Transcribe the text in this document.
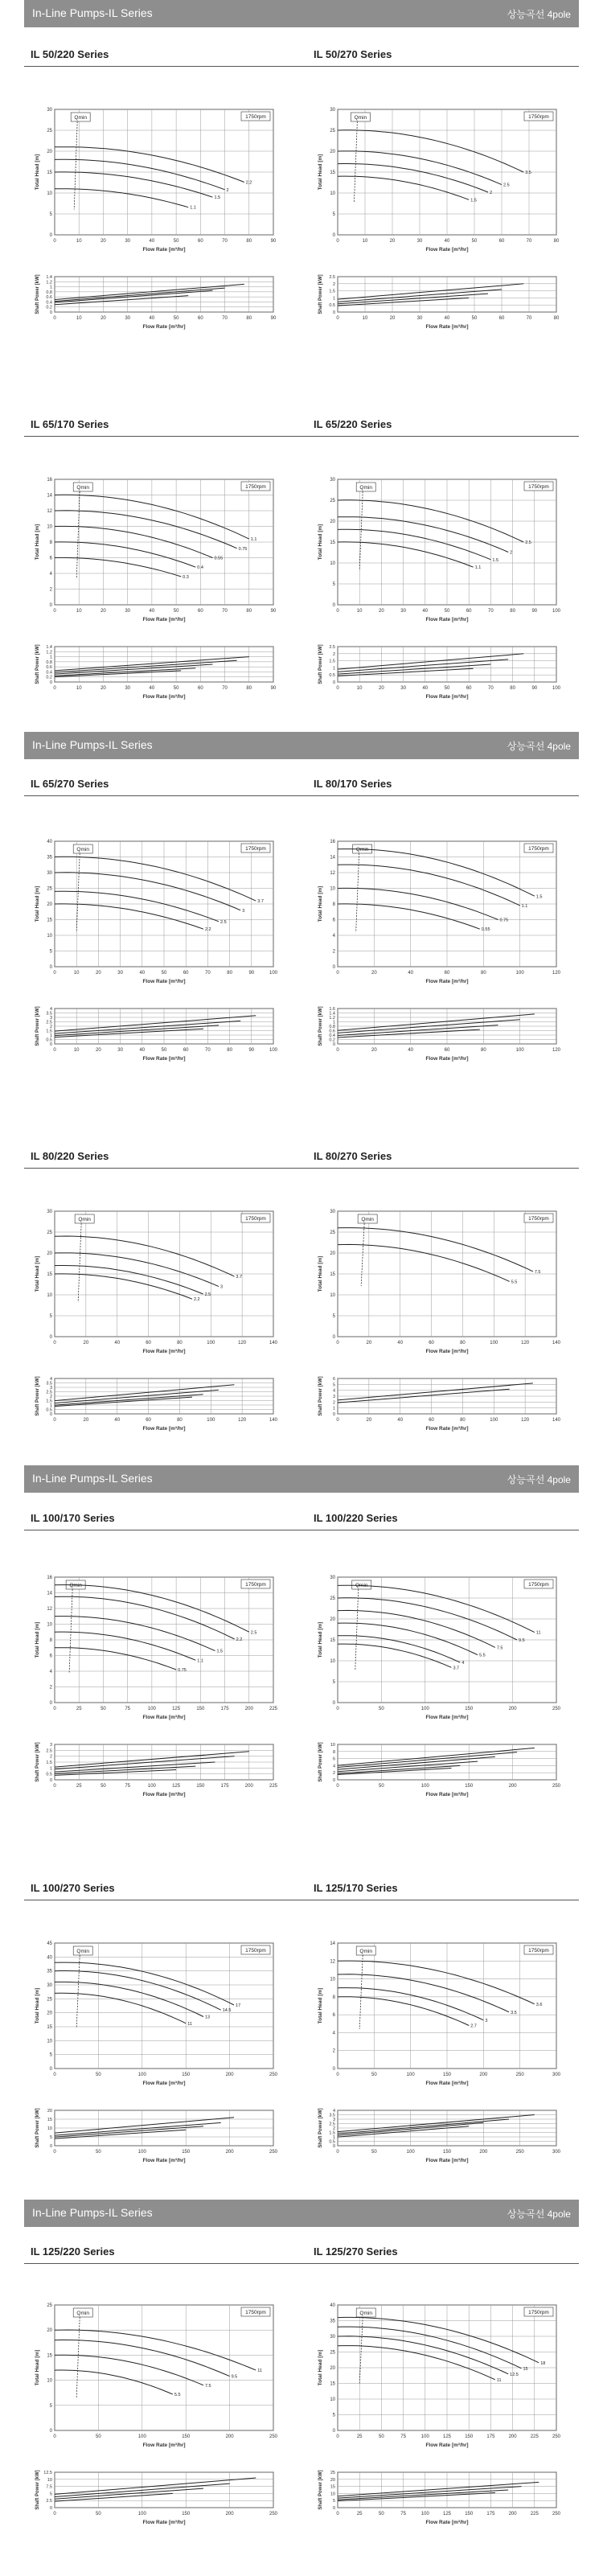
In-Line Pumps-IL Series	상능곡선 4pole
IL 50/220 Series	IL 50/270 Series
IL 65/170 Series	IL 65/220 Series
In-Line Pumps-IL Series	상능곡선 4pole
IL 65/270 Series	IL 80/170 Series
IL 80/220 Series	IL 80/270 Series
In-Line Pumps-IL Series	상능곡선 4pole
IL 100/170 Series	IL 100/220 Series
IL 100/270 Series	IL 125/170 Series
In-Line Pumps-IL Series	상능곡선 4pole
IL 125/220 Series	IL 125/270 Series
0	10	20	30	40	50	60	70	80	90
0
5
10
15
20
25
30
Flow Rate [m³/hr]
Total Head [m]
1750rpm
Qmin
2.2
2
1.5
1.1
0	10	20	30	40	50	60	70	80	90
0
0.2
0.4
0.6
0.8
1
1.2
1.4
Flow Rate [m³/hr]
Shaft Power [kW]
0	10	20	30	40	50	60	70	80
0
5
10
15
20
25
30
Flow Rate [m³/hr]
Total Head [m]
1750rpm
Qmin
3.5
2.5
2
1.5
0	10	20	30	40	50	60	70	80
0
0.5
1
1.5
2
2.5
Flow Rate [m³/hr]
Shaft Power [kW]
0	10	20	30	40	50	60	70	80	90
0
2
4
6
8
10
12
14
16
Flow Rate [m³/hr]
Total Head [m]
1750rpm
Qmin
1.1
0.75
0.55
0.4
0.3
0	10	20	30	40	50	60	70	80	90
0
0.2
0.4
0.6
0.8
1
1.2
1.4
Flow Rate [m³/hr]
Shaft Power [kW]
0	10	20	30	40	50	60	70	80	90	100
0
5
10
15
20
25
30
Flow Rate [m³/hr]
Total Head [m]
1750rpm
Qmin
2.5
2
1.5
1.1
0	10	20	30	40	50	60	70	80	90	100
0
0.5
1
1.5
2
2.5
Flow Rate [m³/hr]
Shaft Power [kW]
0	10	20	30	40	50	60	70	80	90	100
0
5
10
15
20
25
30
35
40
Flow Rate [m³/hr]
Total Head [m]
1750rpm
Qmin
3.7
3
2.5
2.2
0	10	20	30	40	50	60	70	80	90	100
0
0.5
1
1.5
2
2.5
3
3.5
4
Flow Rate [m³/hr]
Shaft Power [kW]
0	20	40	60	80	100	120
0
2
4
6
8
10
12
14
16
Flow Rate [m³/hr]
Total Head [m]
1750rpm
Qmin
1.5
1.1
0.75
0.55
0	20	40	60	80	100	120
0
0.2
0.4
0.6
0.8
1
1.2
1.4
1.6
Flow Rate [m³/hr]
Shaft Power [kW]
0	20	40	60	80	100	120	140
0
5
10
15
20
25
30
Flow Rate [m³/hr]
Total Head [m]
1750rpm
Qmin
3.7
3
2.5
2.2
0	20	40	60	80	100	120	140
0
0.5
1
1.5
2
2.5
3
3.5
4
Flow Rate [m³/hr]
Shaft Power [kW]
0	20	40	60	80	100	120	140
0
5
10
15
20
25
30
Flow Rate [m³/hr]
Total Head [m]
1750rpm
Qmin
7.5
5.5
0	20	40	60	80	100	120	140
0
1
2
3
4
5
6
Flow Rate [m³/hr]
Shaft Power [kW]
0	25	50	75	100	125	150	175	200	225
0
2
4
6
8
10
12
14
16
Flow Rate [m³/hr]
Total Head [m]
1750rpm
Qmin
2.5
2.2
1.5
1.1
0.75
0	25	50	75	100	125	150	175	200	225
0
0.5
1
1.5
2
2.5
3
Flow Rate [m³/hr]
Shaft Power [kW]
0	50	100	150	200	250
0
5
10
15
20
25
30
Flow Rate [m³/hr]
Total Head [m]
1750rpm
Qmin
11
9.5
7.5
5.5
4
3.7
0	50	100	150	200	250
0
2
4
6
8
10
Flow Rate [m³/hr]
Shaft Power [kW]
0	50	100	150	200	250
0
5
10
15
20
25
30
35
40
45
Flow Rate [m³/hr]
Total Head [m]
1750rpm
Qmin
17
14.5
13
11
0	50	100	150	200	250
0
5
10
15
20
Flow Rate [m³/hr]
Shaft Power [kW]
0	50	100	150	200	250	300
0
2
4
6
8
10
12
14
Flow Rate [m³/hr]
Total Head [m]
1750rpm
Qmin
3.6
3.5
3
2.7
0	50	100	150	200	250	300
0
0.5
1
1.5
2
2.5
3
3.5
4
Flow Rate [m³/hr]
Shaft Power [kW]
0	50	100	150	200	250
0
5
10
15
20
25
Flow Rate [m³/hr]
Total Head [m]
1750rpm
Qmin
11
9.5
7.5
5.5
0	50	100	150	200	250
0
2.5
5
7.5
10
12.5
Flow Rate [m³/hr]
Shaft Power [kW]
0	25	50	75	100	125	150	175	200	225	250
0
5
10
15
20
25
30
35
40
Flow Rate [m³/hr]
Total Head [m]
1750rpm
Qmin
18
15
12.5
11
0	25	50	75	100	125	150	175	200	225	250
0
5
10
15
20
25
Flow Rate [m³/hr]
Shaft Power [kW]
